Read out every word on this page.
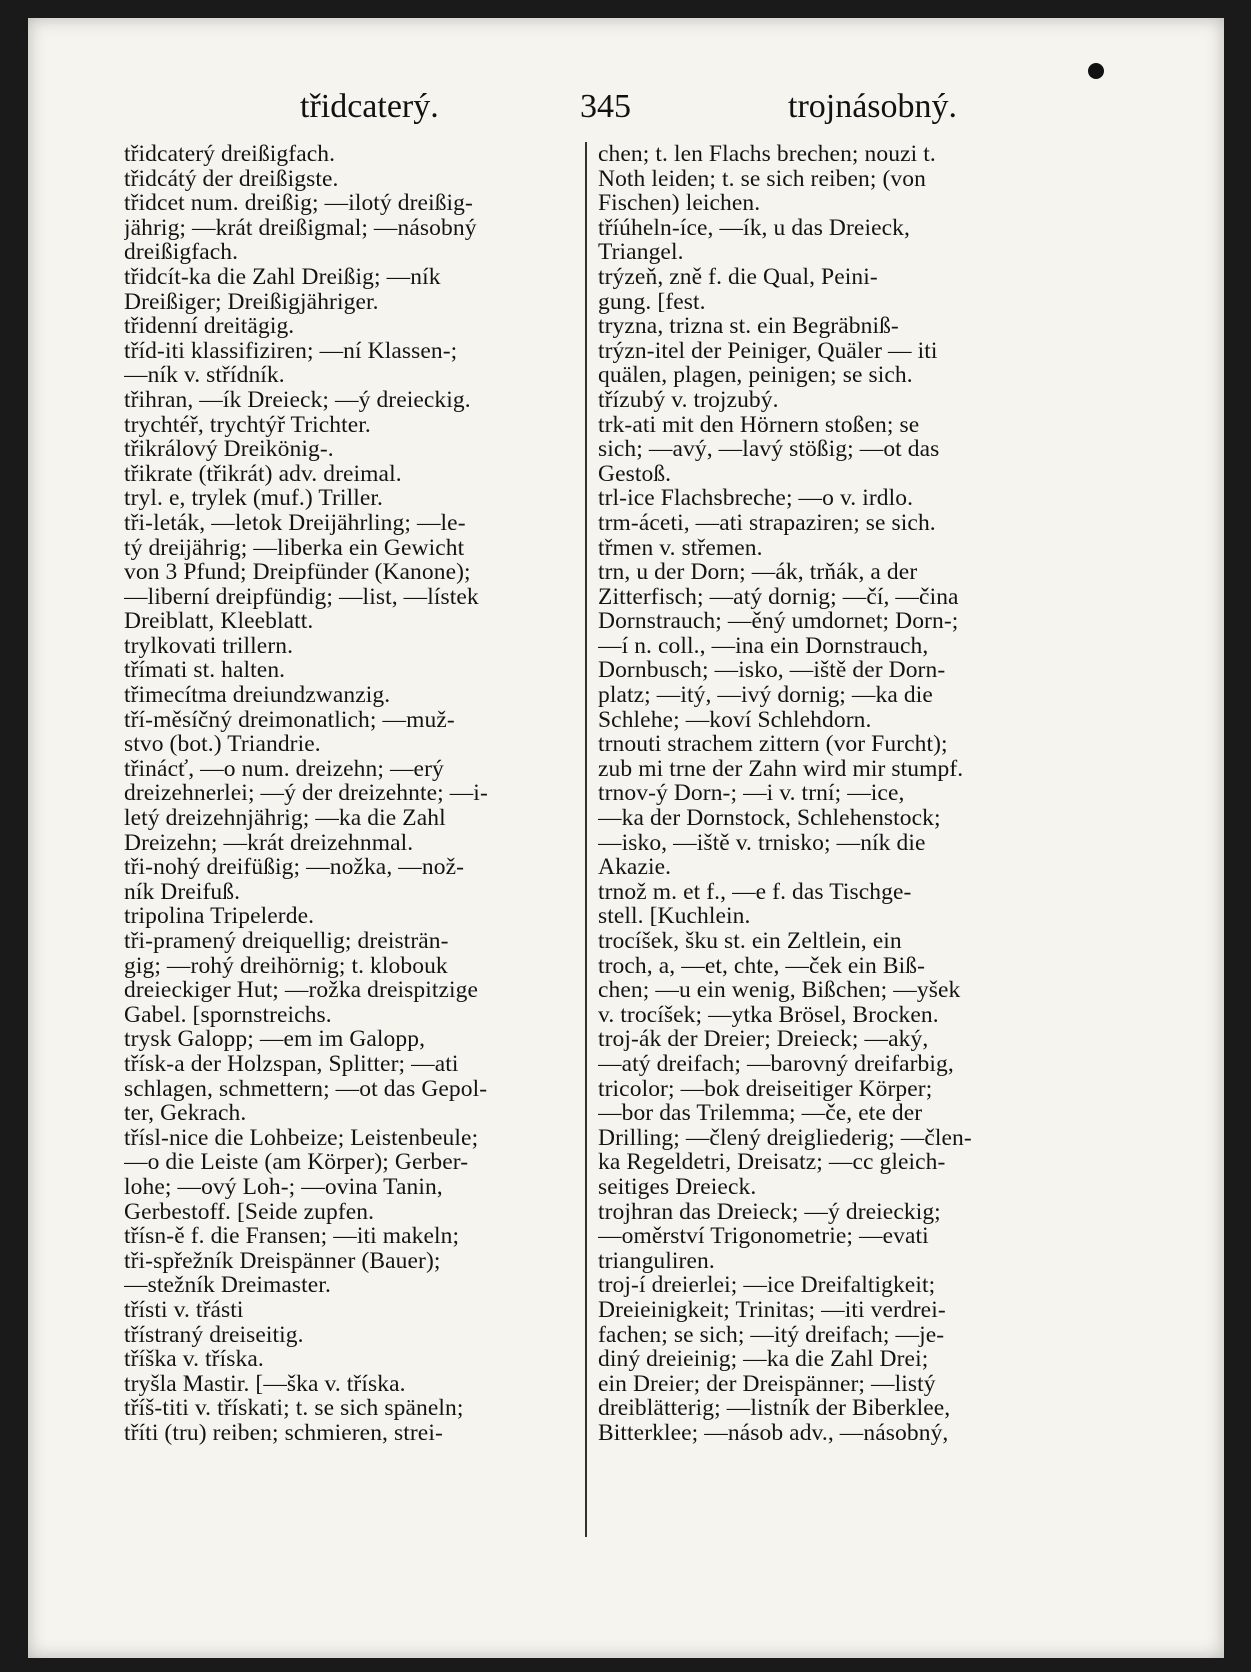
třidcaterý.	345	trojnásobný.
třidcaterý dreißigfach.
třidcátý der dreißigste.
třidcet num. dreißig; —ilotý dreißig-
jährig; —krát dreißigmal; —násobný
dreißigfach.
třidcít-ka die Zahl Dreißig; —ník
Dreißiger; Dreißigjähriger.
třidenní dreitägig.
tříd-iti klassifiziren; —ní Klassen-;
—ník v. střídník.
třihran, —ík Dreieck; —ý dreieckig.
trychtéř, trychtýř Trichter.
třikrálový Dreikönig-.
třikrate (třikrát) adv. dreimal.
tryl. e, trylek (muf.) Triller.
tři-leták, —letok Dreijährling; —le-
tý dreijährig; —liberka ein Gewicht
von 3 Pfund; Dreipfünder (Kanone);
—liberní dreipfündig; —list, —lístek
Dreiblatt, Kleeblatt.
trylkovati trillern.
třímati st. halten.
třimecítma dreiundzwanzig.
tří-měsíčný dreimonatlich; —muž-
stvo (bot.) Triandrie.
třinácť, —o num. dreizehn; —erý
dreizehnerlei; —ý der dreizehnte; —i-
letý dreizehnjährig; —ka die Zahl
Dreizehn; —krát dreizehnmal.
tři-nohý dreifüßig; —nožka, —nož-
ník Dreifuß.
tripolina Tripelerde.
tři-pramený dreiquellig; dreisträn-
gig; —rohý dreihörnig; t. klobouk
dreieckiger Hut; —rožka dreispitzige
Gabel. [spornstreichs.
trysk Galopp; —em im Galopp,
třísk-a der Holzspan, Splitter; —ati
schlagen, schmettern; —ot das Gepol-
ter, Gekrach.
třísl-nice die Lohbeize; Leistenbeule;
—o die Leiste (am Körper); Gerber-
lohe; —ový Loh-; —ovina Tanin,
Gerbestoff. [Seide zupfen.
třísn-ě f. die Fransen; —iti makeln;
tři-spřežník Dreispänner (Bauer);
—stežník Dreimaster.
třísti v. třásti
třístraný dreiseitig.
tříška v. tříska.
tryšla Mastir. [—ška v. tříska.
tříš-titi v. třískati; t. se sich späneln;
tříti (tru) reiben; schmieren, strei-
chen; t. len Flachs brechen; nouzi t.
Noth leiden; t. se sich reiben; (von
Fischen) leichen.
tříúheln-íce, —ík, u das Dreieck,
Triangel.
trýzeň, zně f. die Qual, Peini-
gung. [fest.
tryzna, trizna st. ein Begräbniß-
trýzn-itel der Peiniger, Quäler — iti
quälen, plagen, peinigen; se sich.
třízubý v. trojzubý.
trk-ati mit den Hörnern stoßen; se
sich; —avý, —lavý stößig; —ot das
Gestoß.
trl-ice Flachsbreche; —o v. irdlo.
trm-áceti, —ati strapaziren; se sich.
třmen v. střemen.
trn, u der Dorn; —ák, trňák, a der
Zitterfisch; —atý dornig; —čí, —čina
Dornstrauch; —ěný umdornet; Dorn-;
—í n. coll., —ina ein Dornstrauch,
Dornbusch; —isko, —iště der Dorn-
platz; —itý, —ivý dornig; —ka die
Schlehe; —koví Schlehdorn.
trnouti strachem zittern (vor Furcht);
zub mi trne der Zahn wird mir stumpf.
trnov-ý Dorn-; —i v. trní; —ice,
—ka der Dornstock, Schlehenstock;
—isko, —iště v. trnisko; —ník die
Akazie.
trnož m. et f., —e f. das Tischge-
stell. [Kuchlein.
trocíšek, šku st. ein Zeltlein, ein
troch, a, —et, chte, —ček ein Biß-
chen; —u ein wenig, Bißchen; —yšek
v. trocíšek; —ytka Brösel, Brocken.
troj-ák der Dreier; Dreieck; —aký,
—atý dreifach; —barovný dreifarbig,
tricolor; —bok dreiseitiger Körper;
—bor das Trilemma; —če, ete der
Drilling; —člený dreigliederig; —člen-
ka Regeldetri, Dreisatz; —cc gleich-
seitiges Dreieck.
trojhran das Dreieck; —ý dreieckig;
—oměrství Trigonometrie; —evati
trianguliren.
troj-í dreierlei; —ice Dreifaltigkeit;
Dreieinigkeit; Trinitas; —iti verdrei-
fachen; se sich; —itý dreifach; —je-
diný dreieinig; —ka die Zahl Drei;
ein Dreier; der Dreispänner; —listý
dreiblätterig; —listník der Biberklee,
Bitterklee; —násob adv., —násobný,
